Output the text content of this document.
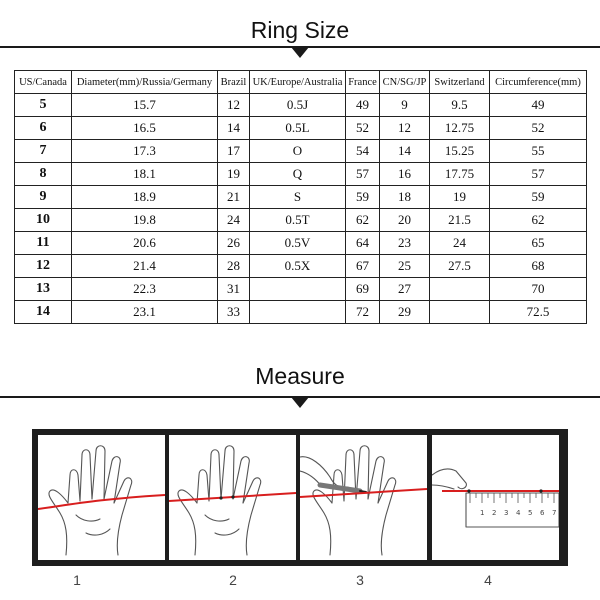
Ring Size
US/Canada	Diameter(mm)/Russia/Germany	Brazil	UK/Europe/Australia	France	CN/SG/JP	Switzerland	Circumference(mm)
5	15.7	12	0.5J	49	9	9.5	49
6	16.5	14	0.5L	52	12	12.75	52
7	17.3	17	O	54	14	15.25	55
8	18.1	19	Q	57	16	17.75	57
9	18.9	21	S	59	18	19	59
10	19.8	24	0.5T	62	20	21.5	62
11	20.6	26	0.5V	64	23	24	65
12	21.4	28	0.5X	67	25	27.5	68
13	22.3	31		69	27		70
14	23.1	33		72	29		72.5
Measure
1 2 3 4 5 6 7
1	2	3	4
